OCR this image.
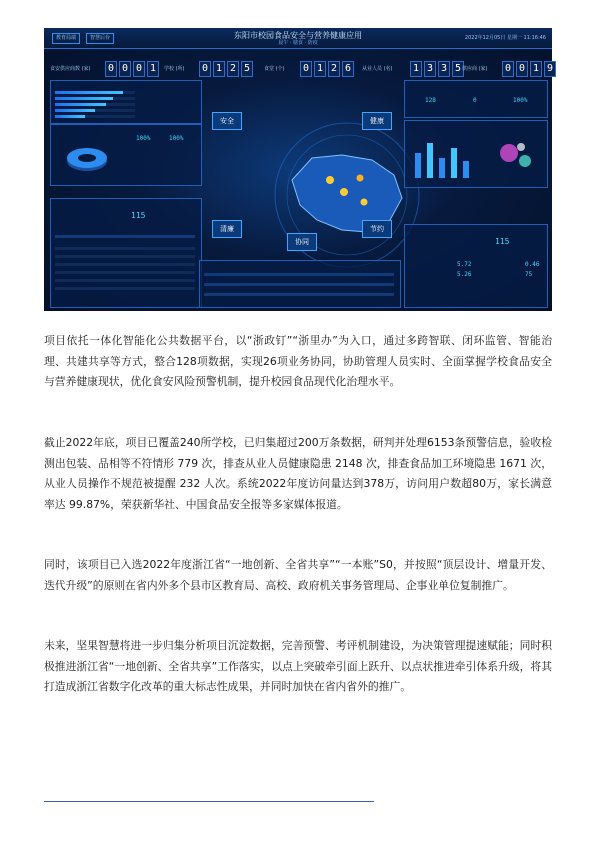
教育局端	智慧后台	东阳市校园食品安全与营养健康应用
晨午 · 膳食 · 防疫
2022年12月05日 星期一 11:16:46
食安供应商数 (家) 0 0 0 1	学校 (所) 0 1 2 5	食堂 (个) 0 1 2 6	从业人员 (名) 1 3 3 5 供应商 (家) 0 0 1 9
100%	100%
115
安全	健康
清廉	节约
协同
128	0	100%
115
5.72	0.46
5.26	75

项目依托一体化智能化公共数据平台，以“浙政钉”“浙里办”为入口，通过多跨智联、闭环监管、智能治理、共建共享等方式，整合128项数据，实现26项业务协同，协助管理人员实时、全面掌握学校食品安全与营养健康现状，优化食安风险预警机制，提升校园食品现代化治理水平。

截止2022年底，项目已覆盖240所学校，已归集超过200万条数据，研判并处理6153条预警信息，验收检测出包装、品相等不符情形 779 次，排查从业人员健康隐患 2148 次，排查食品加工环境隐患 1671 次，从业人员操作不规范被提醒 232 人次。系统2022年度访问量达到378万，访问用户数超80万，家长满意率达 99.87%，荣获新华社、中国食品安全报等多家媒体报道。

同时，该项目已入选2022年度浙江省“一地创新、全省共享”“一本账”S0，并按照“顶层设计、增量开发、迭代升级”的原则在省内外多个县市区教育局、高校、政府机关事务管理局、企事业单位复制推广。

未来，坚果智慧将进一步归集分析项目沉淀数据，完善预警、考评机制建设，为决策管理提速赋能；同时积极推进浙江省“一地创新、全省共享”工作落实，以点上突破牵引面上跃升、以点状推进牵引体系升级，将其打造成浙江省数字化改革的重大标志性成果，并同时加快在省内省外的推广。
